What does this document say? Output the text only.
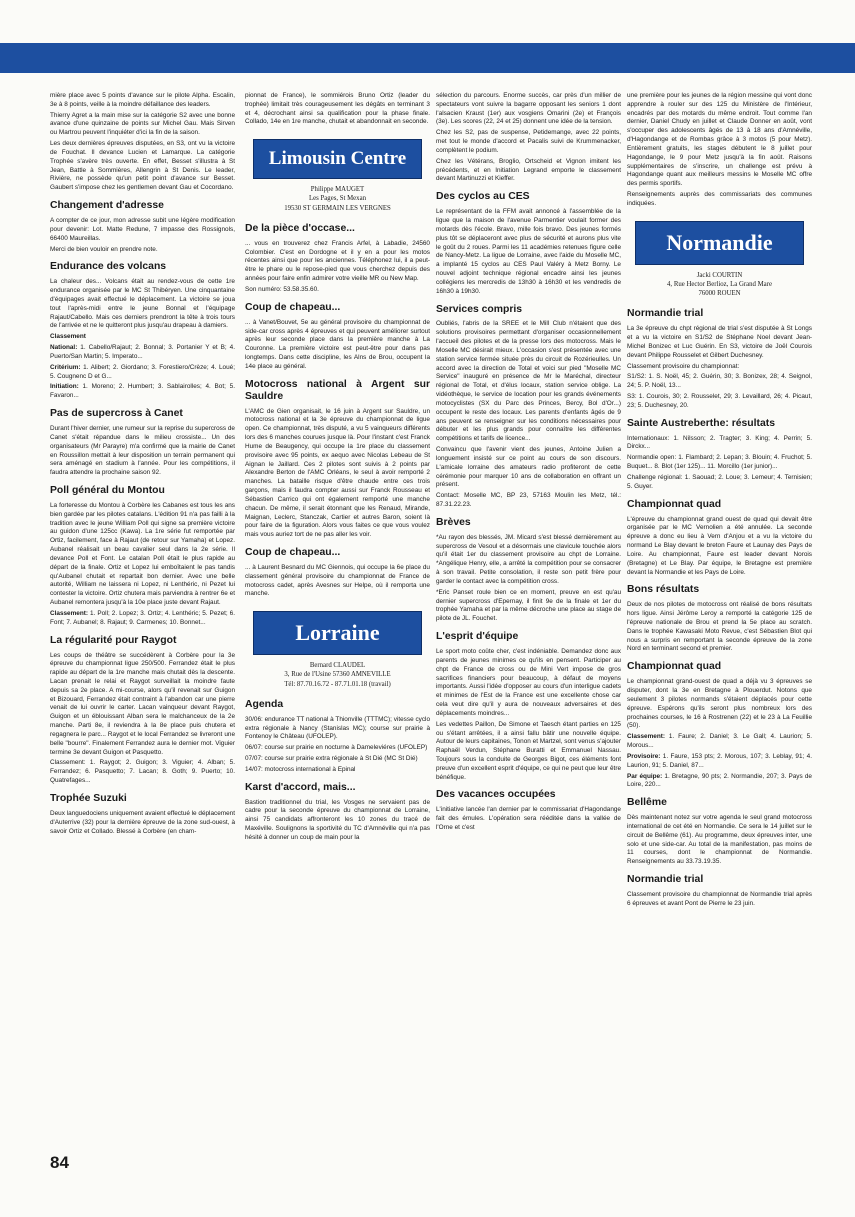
mière place avec 5 points d'avance sur le pilote Alpha. Escalin, 3e à 8 points, veille à la moindre défaillance des leaders.

Thierry Agret a la main mise sur la catégorie S2 avec une bonne avance d'une quinzaine de points sur Michel Gau. Mais Sirven ou Martrou peuvent l'inquiéter d'ici la fin de la saison.

Les deux dernières épreuves disputées, en S3, ont vu la victoire de Fouchat. Il devance Lucien et Lamarque. La catégorie Trophée s'avère très ouverte. En effet, Besset s'illustra à St Jean, Battle à Sommières, Allengrin à St Denis. Le leader, Rivière, ne possède qu'un petit point d'avance sur Besset. Gaubert s'impose chez les gentlemen devant Gau et Cocordano.

Changement d'adresse

A compter de ce jour, mon adresse subit une légère modification pour devenir: Lot. Matte Redune, 7 impasse des Rossignols, 66400 Maureillas.

Merci de bien vouloir en prendre note.

Endurance des volcans

La chaleur des... Volcans était au rendez-vous de cette 1re endurance organisée par le MC St Thibéryen. Une cinquantaine d'équipages avait effectué le déplacement. La victoire se joua tout l'après-midi entre le jeune Bonnal et l'équipage Rajaut/Cabello. Mais ces derniers prendront la tête à trois tours de l'arrivée et ne le quitteront plus jusqu'au drapeau à damiers.

Classement

National: 1. Cabello/Rajaut; 2. Bonnal; 3. Portanier Y et B; 4. Puerto/San Martin; 5. Imperato...

Critérium: 1. Alibert; 2. Giordano; 3. Forestiero/Crèze; 4. Loué; 5. Cougnenc D et G...

Initiation: 1. Moreno; 2. Humbert; 3. Sablairolles; 4. Bot; 5. Favaron...

Pas de supercross à Canet

Durant l'hiver dernier, une rumeur sur la reprise du supercross de Canet s'était répandue dans le milieu crossiste... Un des organisateurs (Mr Parayre) m'a confirmé que la mairie de Canet en Roussillon mettait à leur disposition un terrain permanent qui sera aménagé en stadium à l'année. Pour les compétitions, il faudra attendre la prochaine saison 92.

Poll général du Montou

La forteresse du Montou à Corbère les Cabanes est tous les ans bien gardée par les pilotes catalans. L'édition 91 n'a pas failli à la tradition avec le jeune William Poll qui signe sa première victoire au guidon d'une 125cc (Kawa). La 1re série fut remportée par Ortiz, facilement, face à Rajaut (de retour sur Yamaha) et Lopez. Aubanel réalisait un beau cavalier seul dans la 2e série. Il devance Poll et Font. Le catalan Poll était le plus rapide au départ de la finale. Ortiz et Lopez lui emboîtaient le pas tandis qu'Aubanel chutait et repartait bon dernier. Avec une belle autorité, William ne laissera ni Lopez, ni Lenthéric, ni Pezet lui contester la victoire. Ortiz chutera mais parviendra à rentrer 6e et Aubanel remontera jusqu'à la 10e place juste devant Rajaut.

Classement: 1. Poll; 2. Lopez; 3. Ortiz; 4. Lenthéric; 5. Pezet; 6. Font; 7. Aubanel; 8. Rajaut; 9. Carmenes; 10. Bonnet...

La régularité pour Raygot

Les coups de théâtre se succédèrent à Corbère pour la 3e épreuve du championnat ligue 250/500. Ferrandez était le plus rapide au départ de la 1re manche mais chutait dès la descente. Lacan prenait le relai et Raygot surveillait la moindre faute depuis sa 2e place. A mi-course, alors qu'il revenait sur Guigon et Bizouard, Ferrandez était contraint à l'abandon car une pierre venait de lui ouvrir le carter. Lacan vainqueur devant Raygot, Guigon et un éblouissant Alban sera le malchanceux de la 2e manche. Parti 8e, il reviendra à la 8e place puis chutera et regagnera le parc... Raygot et le local Ferrandez se livreront une belle "bourre". Finalement Ferrandez aura le dernier mot. Viguier termine 3e devant Guigon et Pasquetto.

Classement: 1. Raygot; 2. Guigon; 3. Viguier; 4. Alban; 5. Ferrandez; 6. Pasquetto; 7. Lacan; 8. Goth; 9. Puerto; 10. Quatrefages...

Trophée Suzuki

Deux languedociens uniquement avaient effectué le déplacement d'Auterrive (32) pour la dernière épreuve de la zone sud-ouest, à savoir Ortiz et Collado. Blessé à Corbère (en cham-

pionnat de France), le sommiérois Bruno Ortiz (leader du trophée) limitait très courageusement les dégâts en terminant 3 et 4, décrochant ainsi sa qualification pour la phase finale. Collado, 14e en 1re manche, chutait et abandonnait en seconde.

Limousin Centre
Philippe MAUGET
Les Pages, St Mexan
19530 ST GERMAIN LES VERGNES
De la pièce d'occase...

... vous en trouverez chez Francis Arfel, à Labadie, 24560 Colombier. C'est en Dordogne et il y en a pour les motos récentes ainsi que pour les anciennes. Téléphonez lui, il a peut-être le phare ou le repose-pied que vous cherchez depuis des années pour faire enfin admirer votre vieille MR ou New Map.

Son numéro: 53.58.35.60.

Coup de chapeau...

... à Vanet/Bouvet, 5e au général provisoire du championnat de side-car cross après 4 épreuves et qui peuvent améliorer surtout après leur seconde place dans la première manche à La Couronne. La première victoire est peut-être pour dans pas longtemps. Dans cette discipline, les Alns de Brou, occupent la 14e place au général.

Motocross national à Argent sur Sauldre

L'AMC de Gien organisait, le 16 juin à Argent sur Sauldre, un motocross national et la 3e épreuve du championnat de ligue open. Ce championnat, très disputé, a vu 5 vainqueurs différents lors des 6 manches courues jusque là. Pour l'instant c'est Franck Hume de Beaugency, qui occupe la 1re place du classement provisoire avec 95 points, ex aequo avec Nicolas Lebeau de St Aignan le Jaillard. Ces 2 pilotes sont suivis à 2 points par Alexandre Berton de l'AMC Orléans, le seul à avoir remporté 2 manches. La bataille risque d'être chaude entre ces trois garçons, mais il faudra compter aussi sur Franck Rousseau et Sébastien Carrico qui ont également remporté une manche chacun. De même, il serait étonnant que les Renaud, Mirande, Maignan, Leclerc, Stanczak, Cartier et autres Baron, soient là pour faire de la figuration. Alors vous faites ce que vous voulez mais vous auriez tort de ne pas aller les voir.

Coup de chapeau...

... à Laurent Besnard du MC Giennois, qui occupe la 6e place du classement général provisoire du championnat de France de motocross cadet, après Avesnes sur Helpe, où il remporta une manche.

Lorraine
Bernard CLAUDEL
3, Rue de l'Usine 57360 AMNEVILLE
Tél: 87.70.16.72 - 87.71.01.18 (travail)
Agenda

30/06: endurance TT national à Thionville (TTTMC); vitesse cyclo extra régionale à Nancy (Stanislas MC); course sur prairie à Fontenoy le Château (UFOLEP).

06/07: course sur prairie en nocturne à Dameleviéres (UFOLEP)

07/07: course sur prairie extra régionale à St Dié (MC St Dié)

14/07: motocross international à Epinal

Karst d'accord, mais...

Bastion traditionnel du trial, les Vosges ne servaient pas de cadre pour la seconde épreuve du championnat de Lorraine, ainsi 75 candidats affronteront les 10 zones du tracé de Maxéville. Soulignons la sportivité du TC d'Amnéville qui n'a pas hésité à donner un coup de main pour la

sélection du parcours. Enorme succès, car près d'un millier de spectateurs vont suivre la bagarre opposant les seniors 1 dont l'alsacien Kraust (1er) aux vosgiens Omarini (2e) et François (3e). Les scores (22, 24 et 25) donnent une idée de la tension.

Chez les S2, pas de suspense, Petidemange, avec 22 points, met tout le monde d'accord et Pacalis suivi de Krummenacker, complètent le podium.

Chez les Vétérans, Broglio, Ortscheid et Vignon imitent les précédents, et en Initiation Legrand emporte le classement devant Martinuzzi et Kieffer.

Des cyclos au CES

Le représentant de la FFM avait annoncé à l'assemblée de la ligue que la maison de l'avenue Parmentier voulait former des motards dès l'école. Bravo, mille fois bravo. Des jeunes formés plus tôt se déplaceront avec plus de sécurité et aurons plus vite le goût du 2 roues. Parmi les 11 académies retenues figure celle de Nancy-Metz. La ligue de Lorraine, avec l'aide du Moselle MC, a implanté 15 cyclos au CES Paul Valéry à Metz Borny. Le nouvel adjoint technique régional encadre ainsi les jeunes collégiens les mercredis de 13h30 à 16h30 et les vendredis de 16h30 à 19h30.

Services compris

Oubliés, l'abris de la SREE et le Mill Club n'étaient que des solutions provisoires permettant d'organiser occasionnellement l'accueil des pilotes et de la presse lors des motocross. Mais le Moselle MC désirait mieux. L'occasion s'est présentée avec une station service fermée située près du circuit de Rozérieulles. Un accord avec la direction de Total et voici sur pied "Moselle MC Service" inauguré en présence de Mr le Maréchal, directeur régional de Total, et d'élus locaux, station service oblige. La vidéothèque, le service de location pour les grands événements motocyclistes (SX du Parc des Princes, Bercy, Bol d'Or...) occupent le reste des locaux. Les parents d'enfants âgés de 9 ans peuvent se renseigner sur les conditions nécessaires pour débuter et les plus grands pour connaître les différentes compétitions et tarifs de licence...

Convaincu que l'avenir vient des jeunes, Antoine Julien a longuement insisté sur ce point au cours de son discours. L'amicale lorraine des amateurs radio profiteront de cette cérémonie pour marquer 10 ans de collaboration en offrant un présent.

Contact: Moselle MC, BP 23, 57163 Moulin les Metz, tél.: 87.31.22.23.

Brèves

*Au rayon des blessés, JM. Micard s'est blessé dernièrement au supercross de Vesoul et a désormais une clavicule touchée alors qu'il était 1er du classement provisoire au chpt de Lorraine. *Angélique Henry, elle, a arrêté la compétition pour se consacrer à son travail. Petite consolation, il reste son petit frère pour garder le contact avec la compétition cross.

*Eric Panset roule bien ce en moment, preuve en est qu'au dernier supercross d'Epernay, il finit 9e de la finale et 1er du trophée Yamaha et par la même décroche une place au stage de pilote de JL. Fouchet.

L'esprit d'équipe

Le sport moto coûte cher, c'est indéniable. Demandez donc aux parents de jeunes minimes ce qu'ils en pensent. Participer au chpt de France de cross ou de Mini Vert impose de gros sacrifices financiers pour beaucoup, à défaut de moyens importants. Aussi l'idée d'opposer au cours d'un interligue cadets et minimes de l'Est de la France est une excellente chose car cela veut dire qu'il y aura de nouveaux adversaires et des déplacements moindres...

Les vedettes Paillon, De Simone et Taesch étant parties en 125 ou s'étant arrêtées, il a ainsi fallu bâtir une nouvelle équipe. Autour de leurs capitaines, Tonon et Martzel, sont venus s'ajouter Raphaël Verdun, Stéphane Buratti et Emmanuel Nassau. Toujours sous la conduite de Georges Bigot, ces éléments font preuve d'un excellent esprit d'équipe, ce qui ne peut que leur être bénéfique.

Des vacances occupées

L'initiative lancée l'an dernier par le commissariat d'Hagondange fait des émules. L'opération sera rééditée dans la vallée de l'Orne et c'est

une première pour les jeunes de la région messine qui vont donc apprendre à rouler sur des 125 du Ministère de l'Intérieur, encadrés par des motards du même endroit. Tout comme l'an dernier, Daniel Chudy en juillet et Claude Donner en août, vont s'occuper des adolescents âgés de 13 à 18 ans d'Amnéville, d'Hagondange et de Rombas grâce à 3 motos (5 pour Metz). Entièrement gratuits, les stages débutent le 8 juillet pour Hagondange, le 9 pour Metz jusqu'à la fin août. Raisons supplémentaires de s'inscrire, un challenge est prévu à Hagondange quant aux meilleurs messins le Moselle MC offre des permis sportifs.

Renseignements auprès des commissariats des communes indiquées.

Normandie
Jacki COURTIN
4, Rue Hector Berlioz, La Grand Mare
76000 ROUEN
Normandie trial

La 3e épreuve du chpt régional de trial s'est disputée à St Longs et a vu la victoire en S1/S2 de Stéphane Noel devant Jean-Michel Bonizec et Luc Guérin. En S3, victoire de Joël Courois devant Philippe Rousselet et Gilbert Duchesney.

Classement provisoire du championnat:

S1/S2: 1. S. Noël, 45; 2. Guérin, 30; 3. Bonizex, 28; 4. Seignol, 24; 5. P. Noël, 13...

S3: 1. Courois, 30; 2. Rousselet, 29; 3. Levaillard, 26; 4. Picaut, 23; 5. Duchesney, 20.

Sainte Austreberthe: résultats

Internationaux: 1. Nilsson; 2. Tragter; 3. King; 4. Perrin; 5. Dirckx...

Normandie open: 1. Flambard; 2. Lepan; 3. Blouin; 4. Fruchot; 5. Buquet... 8. Blot (1er 125)... 11. Morcillo (1er junior)...

Challenge régional: 1. Saouad; 2. Loue; 3. Lemeur; 4. Ternisien; 5. Guyer.

Championnat quad

L'épreuve du championnat grand ouest de quad qui devait être organisée par le MC Vernolien a été annulée. La seconde épreuve a donc eu lieu à Vern d'Anjou et a vu la victoire du normand Le Blay devant le breton Faure et Launay des Pays de Loire. Au championnat, Faure est leader devant Norois (Bretagne) et Le Blay. Par équipe, le Bretagne est première devant la Normandie et les Pays de Loire.

Bons résultats

Deux de nos pilotes de motocross ont réalisé de bons résultats hors ligue. Ainsi Jérôme Leroy a remporté la catégorie 125 de l'épreuve nationale de Brou et prend la 5e place au scratch. Dans le trophée Kawasaki Moto Revue, c'est Sébastien Blot qui nous a surpris en remportant la seconde épreuve de la zone Nord en terminant second et premier.

Championnat quad

Le championnat grand-ouest de quad a déjà vu 3 épreuves se disputer, dont la 3e en Bretagne à Plouerdut. Notons que seulement 3 pilotes normands s'étaient déplacés pour cette épreuve. Espérons qu'ils seront plus nombreux lors des prochaines courses, le 16 à Rostrenen (22) et le 23 à La Feuillie (50).

Classement: 1. Faure; 2. Daniel; 3. Le Gall; 4. Laurion; 5. Morous...

Provisoire: 1. Faure, 153 pts; 2. Morous, 107; 3. Leblay, 91; 4. Laurion, 91; 5. Daniel, 87...

Par équipe: 1. Bretagne, 90 pts; 2. Normandie, 207; 3. Pays de Loire, 220...

Bellême

Dès maintenant notez sur votre agenda le seul grand motocross international de cet été en Normandie. Ce sera le 14 juillet sur le circuit de Bellême (61). Au programme, deux épreuves inter, une solo et une side-car. Au total de la manifestation, pas moins de 11 courses, dont le championnat de Normandie. Renseignements au 33.73.19.35.

Normandie trial

Classement provisoire du championnat de Normandie trial après 6 épreuves et avant Pont de Pierre le 23 juin.

84
